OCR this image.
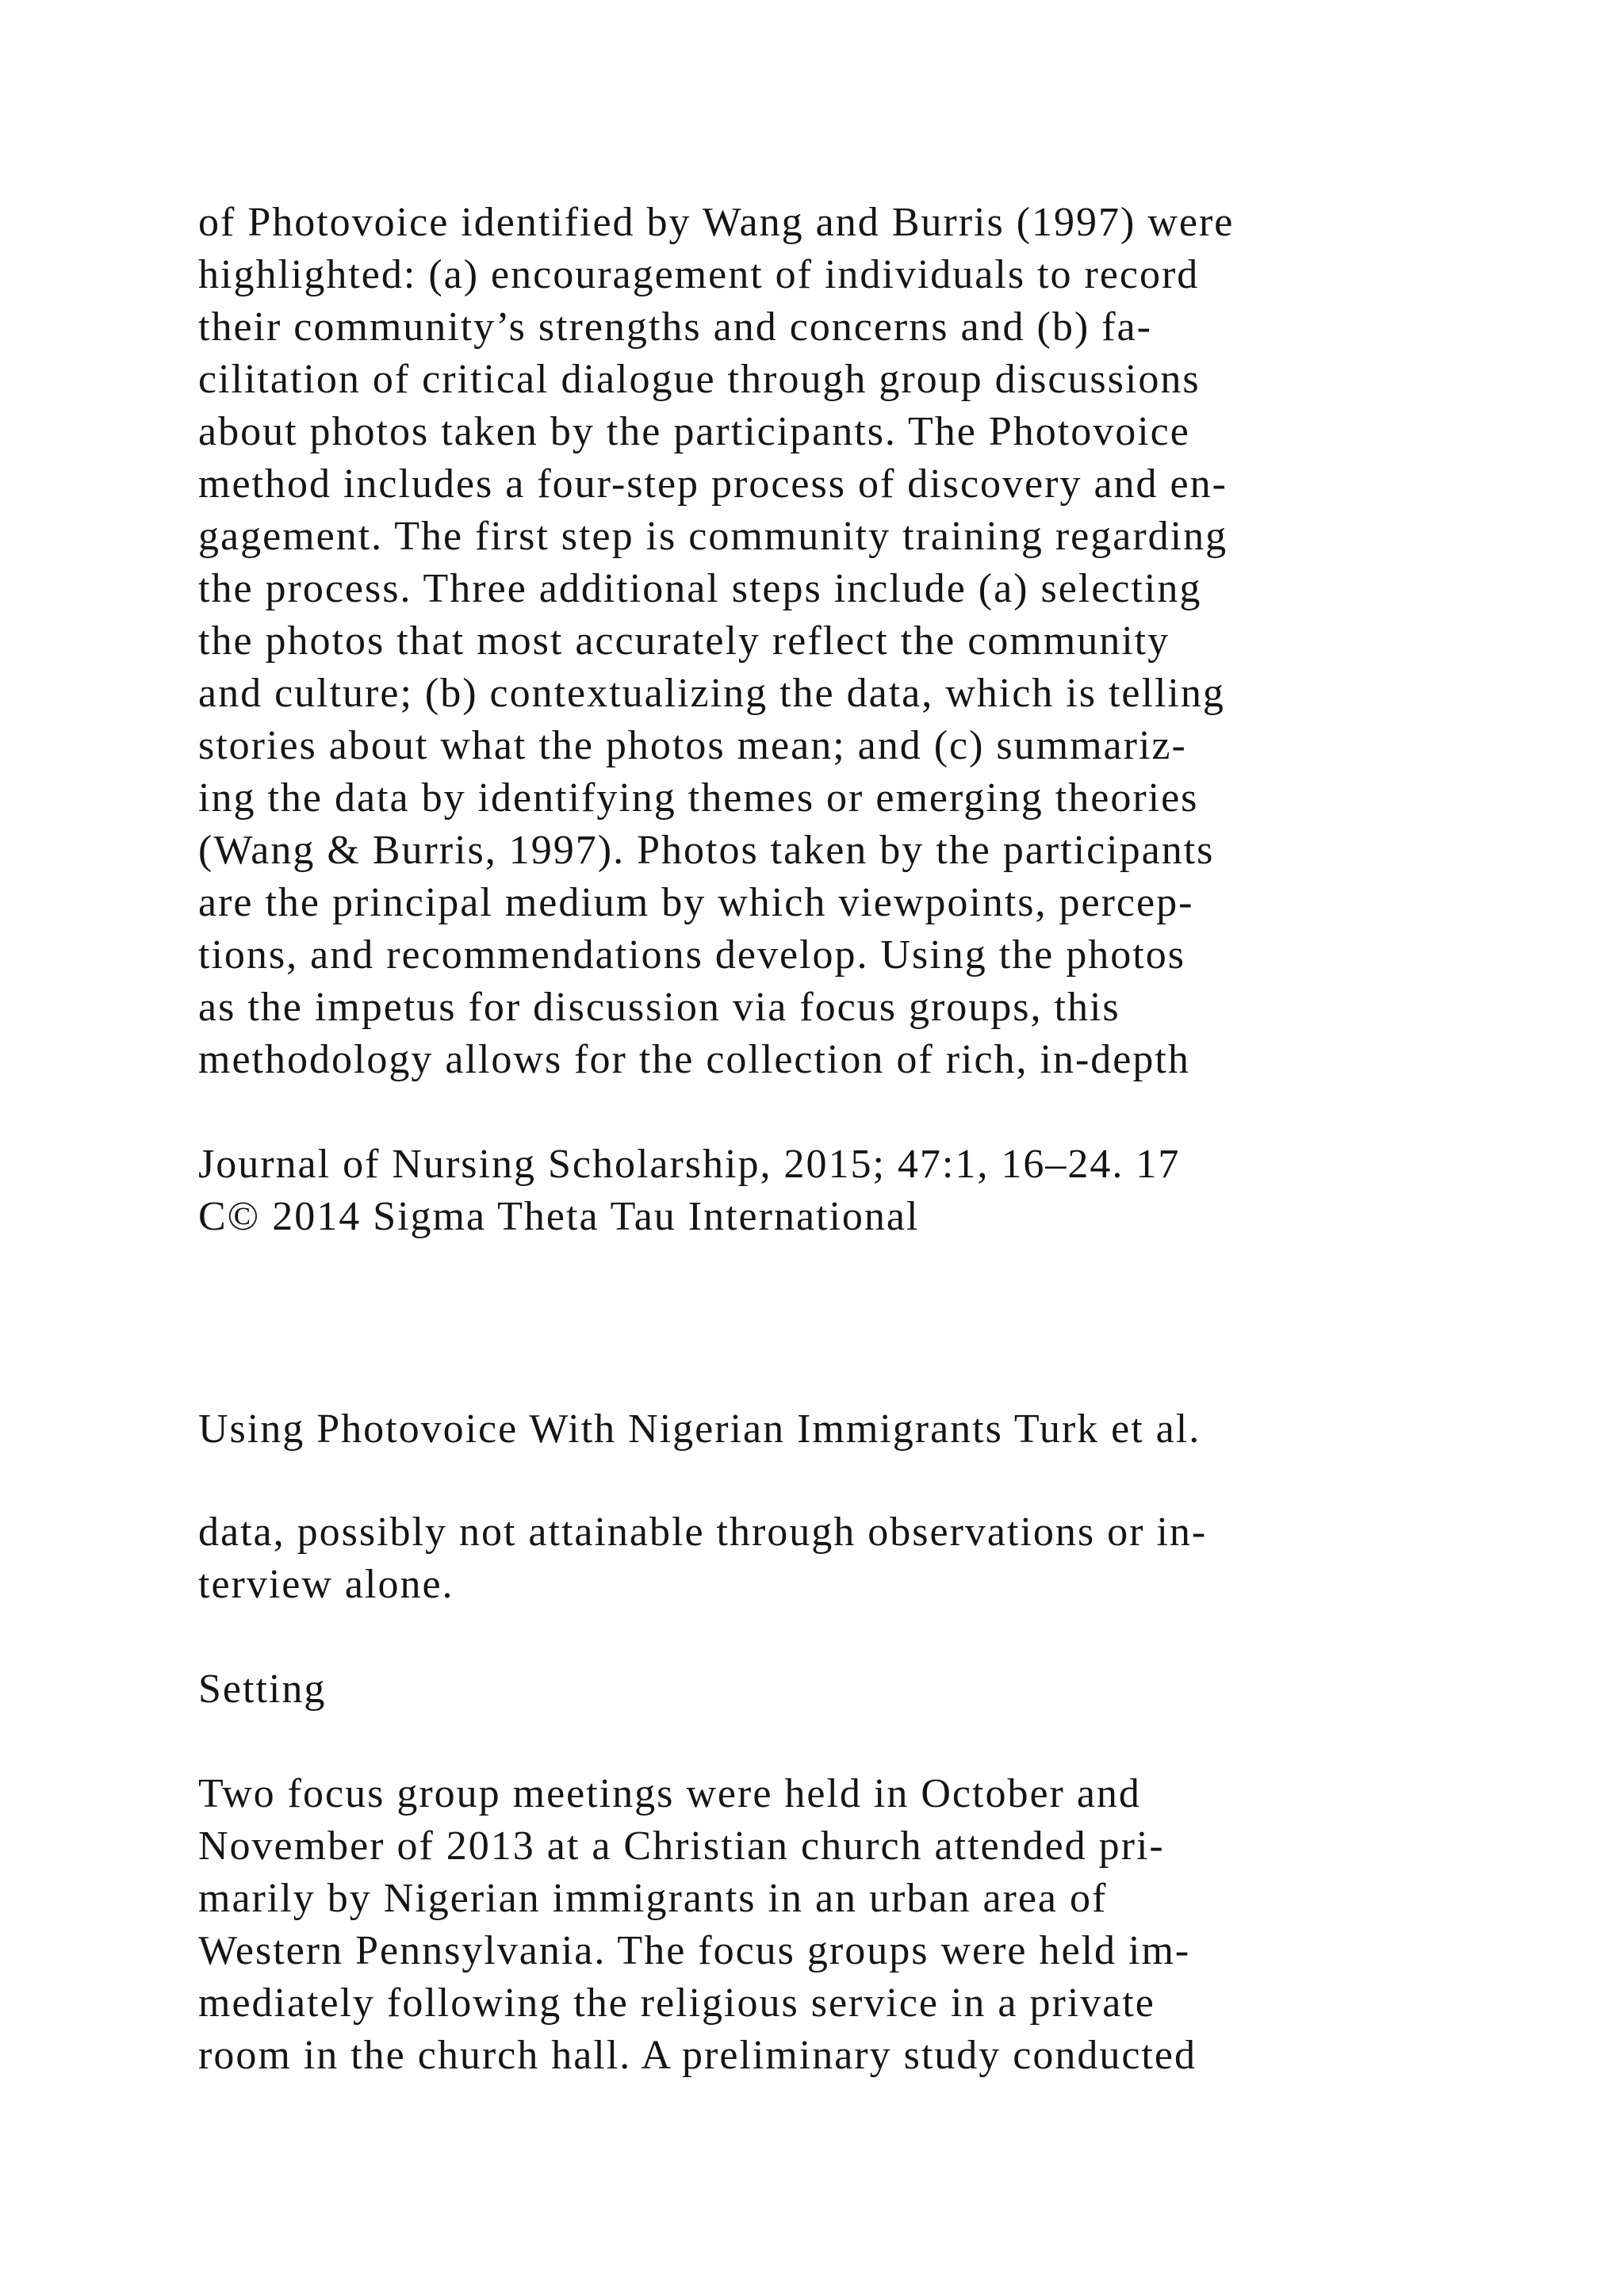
of Photovoice identified by Wang and Burris (1997) were

highlighted: (a) encouragement of individuals to record

their community’s strengths and concerns and (b) fa-

cilitation of critical dialogue through group discussions

about photos taken by the participants. The Photovoice

method includes a four-step process of discovery and en-

gagement. The first step is community training regarding

the process. Three additional steps include (a) selecting

the photos that most accurately reflect the community

and culture; (b) contextualizing the data, which is telling

stories about what the photos mean; and (c) summariz-

ing the data by identifying themes or emerging theories

(Wang & Burris, 1997). Photos taken by the participants

are the principal medium by which viewpoints, percep-

tions, and recommendations develop. Using the photos

as the impetus for discussion via focus groups, this

methodology allows for the collection of rich, in-depth

Journal of Nursing Scholarship, 2015; 47:1, 16–24. 17

C© 2014 Sigma Theta Tau International

Using Photovoice With Nigerian Immigrants Turk et al.

data, possibly not attainable through observations or in-

terview alone.

Setting

Two focus group meetings were held in October and

November of 2013 at a Christian church attended pri-

marily by Nigerian immigrants in an urban area of

Western Pennsylvania. The focus groups were held im-

mediately following the religious service in a private

room in the church hall. A preliminary study conducted
